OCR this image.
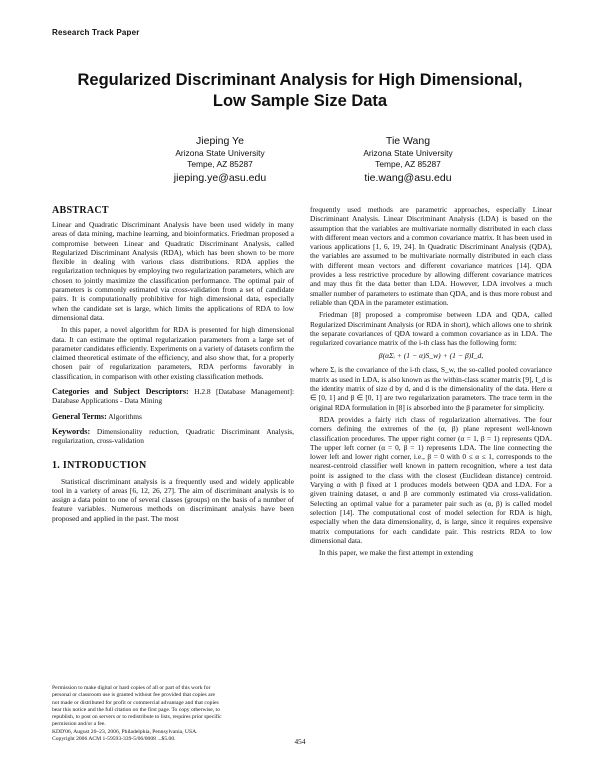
Research Track Paper
Regularized Discriminant Analysis for High Dimensional,
Low Sample Size Data
Jieping Ye
Arizona State University
Tempe, AZ 85287
jieping.ye@asu.edu
Tie Wang
Arizona State University
Tempe, AZ 85287
tie.wang@asu.edu
ABSTRACT

Linear and Quadratic Discriminant Analysis have been used widely in many areas of data mining, machine learning, and bioinformatics. Friedman proposed a compromise between Linear and Quadratic Discriminant Analysis, called Regularized Discriminant Analysis (RDA), which has been shown to be more flexible in dealing with various class distributions. RDA applies the regularization techniques by employing two regularization parameters, which are chosen to jointly maximize the classification performance. The optimal pair of parameters is commonly estimated via cross-validation from a set of candidate pairs. It is computationally prohibitive for high dimensional data, especially when the candidate set is large, which limits the applications of RDA to low dimensional data.

In this paper, a novel algorithm for RDA is presented for high dimensional data. It can estimate the optimal regularization parameters from a large set of parameter candidates efficiently. Experiments on a variety of datasets confirm the claimed theoretical estimate of the efficiency, and also show that, for a properly chosen pair of regularization parameters, RDA performs favorably in classification, in comparison with other existing classification methods.

Categories and Subject Descriptors: H.2.8 [Database Management]: Database Applications - Data Mining

General Terms: Algorithms

Keywords: Dimensionality reduction, Quadratic Discriminant Analysis, regularization, cross-validation

1. INTRODUCTION

Statistical discriminant analysis is a frequently used and widely applicable tool in a variety of areas [6, 12, 26, 27]. The aim of discriminant analysis is to assign a data point to one of several classes (groups) on the basis of a number of feature variables. Numerous methods on discriminant analysis have been proposed and applied in the past. The most

Permission to make digital or hard copies of all or part of this work for
personal or classroom use is granted without fee provided that copies are
not made or distributed for profit or commercial advantage and that copies
bear this notice and the full citation on the first page. To copy otherwise, to
republish, to post on servers or to redistribute to lists, requires prior specific
permission and/or a fee.
KDD'06, August 20–23, 2006, Philadelphia, Pennsylvania, USA.
Copyright 2006 ACM 1-59593-339-5/06/0008 ...$5.00.

frequently used methods are parametric approaches, especially Linear Discriminant Analysis. Linear Discriminant Analysis (LDA) is based on the assumption that the variables are multivariate normally distributed in each class with different mean vectors and a common covariance matrix. It has been used in various applications [1, 6, 19, 24]. In Quadratic Discriminant Analysis (QDA), the variables are assumed to be multivariate normally distributed in each class with different mean vectors and different covariance matrices [14]. QDA provides a less restrictive procedure by allowing different covariance matrices and may thus fit the data better than LDA. However, LDA involves a much smaller number of parameters to estimate than QDA, and is thus more robust and reliable than QDA in the parameter estimation.

Friedman [8] proposed a compromise between LDA and QDA, called Regularized Discriminant Analysis (or RDA in short), which allows one to shrink the separate covariances of QDA toward a common covariance as in LDA. The regularized covariance matrix of the i-th class has the following form:

β(αΣᵢ + (1 − α)S_w) + (1 − β)I_d,

where Σᵢ is the covariance of the i-th class, S_w, the so-called pooled covariance matrix as used in LDA, is also known as the within-class scatter matrix [9], I_d is the identity matrix of size d by d, and d is the dimensionality of the data. Here α ∈ [0, 1] and β ∈ [0, 1] are two regularization parameters. The trace term in the original RDA formulation in [8] is absorbed into the β parameter for simplicity.

RDA provides a fairly rich class of regularization alternatives. The four corners defining the extremes of the (α, β) plane represent well-known classification procedures. The upper right corner (α = 1, β = 1) represents QDA. The upper left corner (α = 0, β = 1) represents LDA. The line connecting the lower left and lower right corner, i.e., β = 0 with 0 ≤ α ≤ 1, corresponds to the nearest-centroid classifier well known in pattern recognition, where a test data point is assigned to the class with the closest (Euclidean distance) centroid. Varying α with β fixed at 1 produces models between QDA and LDA. For a given training dataset, α and β are commonly estimated via cross-validation. Selecting an optimal value for a parameter pair such as (α, β) is called model selection [14]. The computational cost of model selection for RDA is high, especially when the data dimensionality, d, is large, since it requires expensive matrix computations for each candidate pair. This restricts RDA to low dimensional data.

In this paper, we make the first attempt in extending

454
